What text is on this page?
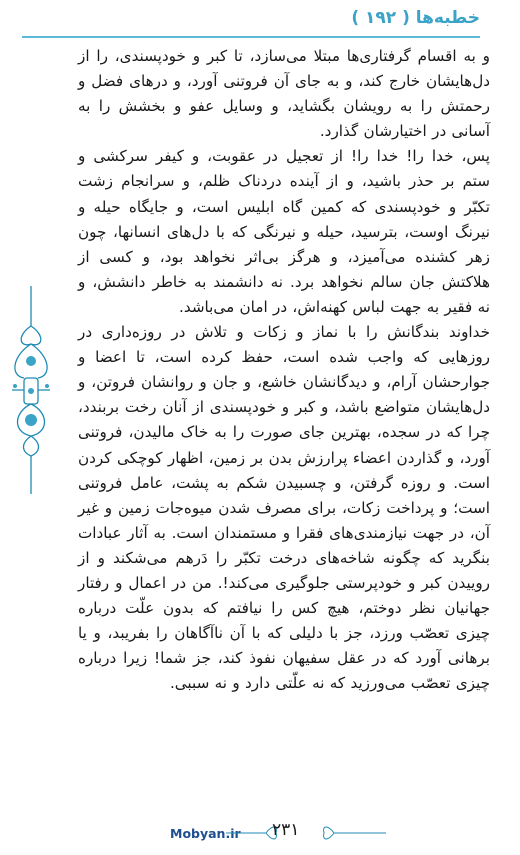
خطبه‌ها ( ۱۹۲ )

و به اقسام گرفتاری‌ها مبتلا می‌سازد، تا کبر و خودپسندی، را از دل‌هایشان خارج کند، و به جای آن فروتنی آورد، و درهای فضل و رحمتش را به رویشان بگشاید، و وسایل عفو و بخشش را به آسانی در اختیارشان گذارد.

پس، خدا را! خدا را! از تعجیل در عقوبت، و کیفر سرکشی و ستم بر حذر باشید، و از آینده دردناک ظلم، و سرانجام زشت تکبّر و خودپسندی که کمین گاه ابلیس است، و جایگاه حیله و نیرنگ اوست، بترسید، حیله و نیرنگی که با دل‌های انسانها، چون زهر کشنده می‌آمیزد، و هرگز بی‌اثر نخواهد بود، و کسی از هلاکتش جان سالم نخواهد برد. نه دانشمند به خاطر دانشش، و نه فقیر به جهت لباس کهنه‌اش، در امان می‌باشد.

خداوند بندگانش را با نماز و زکات و تلاش در روزه‌داری در روزهایی که واجب شده است، حفظ کرده است، تا اعضا و جوارحشان آرام، و دیدگانشان خاشع، و جان و روانشان فروتن، و دل‌هایشان متواضع باشد، و کبر و خودپسندی از آنان رخت بربندد، چرا که در سجده، بهترین جای صورت را به خاک مالیدن، فروتنی آورد، و گذاردن اعضاء پرارزش بدن بر زمین، اظهار کوچکی کردن است. و روزه گرفتن، و چسبیدن شکم به پشت، عامل فروتنی است؛ و پرداخت زکات، برای مصرف شدن میوه‌جات زمین و غیر آن، در جهت نیازمندی‌های فقرا و مستمندان است. به آثار عبادات بنگرید که چگونه شاخه‌های درخت تکبّر را دَرهم می‌شکند و از رویيدن کبر و خودپرستی جلوگیری می‌کند!. من در اعمال و رفتار جهانیان نظر دوختم، هیچ کس را نیافتم که بدون علّت درباره چیزی تعصّب ورزد، جز با دلیلی که با آن ناآگاهان را بفریبد، و یا برهانی آورد که در عقل سفیهان نفوذ کند، جز شما! زیرا درباره چیزی تعصّب می‌ورزید که نه علّتی دارد و نه سببی.

Mobyan.ir ۲۳۱
